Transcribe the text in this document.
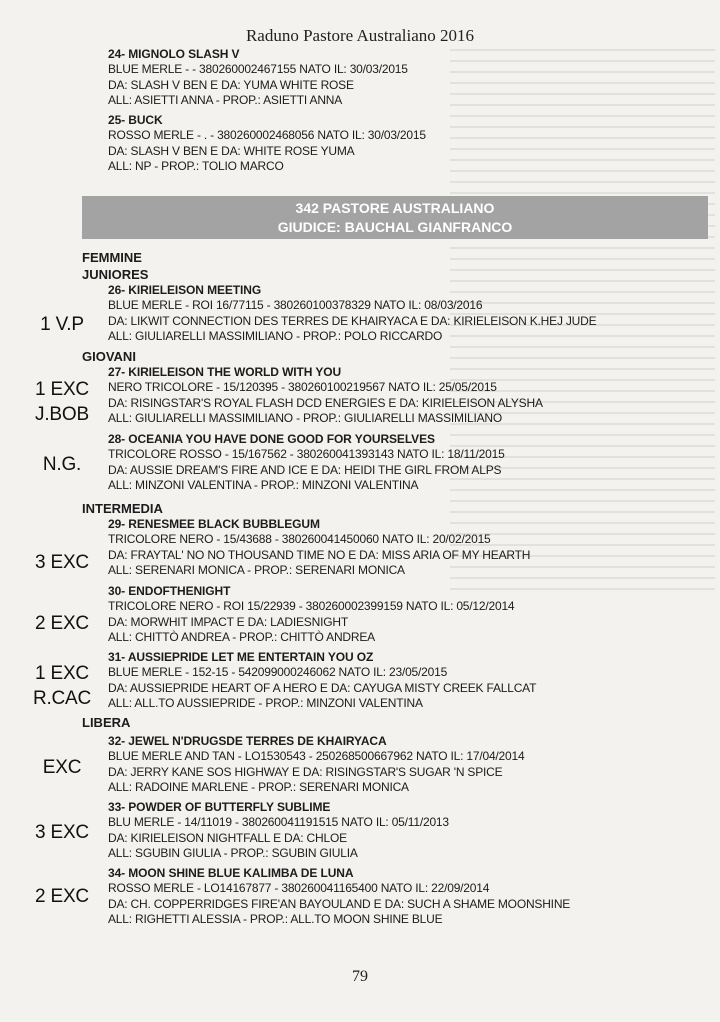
Raduno Pastore Australiano 2016
24- MIGNOLO SLASH V
BLUE MERLE - - 380260002467155 NATO IL: 30/03/2015
DA: SLASH V BEN E DA: YUMA WHITE ROSE
ALL: ASIETTI ANNA - PROP.: ASIETTI ANNA
25- BUCK
ROSSO MERLE - . - 380260002468056 NATO IL: 30/03/2015
DA: SLASH V BEN E DA: WHITE ROSE YUMA
ALL: NP - PROP.: TOLIO MARCO
342 PASTORE AUSTRALIANO
GIUDICE: BAUCHAL GIANFRANCO
FEMMINE
JUNIORES
26- KIRIELEISON MEETING
BLUE MERLE - ROI 16/77115 - 380260100378329 NATO IL: 08/03/2016
DA: LIKWIT CONNECTION DES TERRES DE KHAIRYACA E DA: KIRIELEISON K.HEJ JUDE
ALL: GIULIARELLI MASSIMILIANO - PROP.: POLO RICCARDO
1 V.P
GIOVANI
27- KIRIELEISON THE WORLD WITH YOU
NERO TRICOLORE - 15/120395 - 380260100219567 NATO IL: 25/05/2015
DA: RISINGSTAR'S ROYAL FLASH DCD ENERGIES E DA: KIRIELEISON ALYSHA
ALL: GIULIARELLI MASSIMILIANO - PROP.: GIULIARELLI MASSIMILIANO
1 EXC
J.BOB
28- OCEANIA YOU HAVE DONE GOOD FOR YOURSELVES
TRICOLORE ROSSO - 15/167562 - 380260041393143 NATO IL: 18/11/2015
DA: AUSSIE DREAM'S FIRE AND ICE E DA: HEIDI THE GIRL FROM ALPS
ALL: MINZONI VALENTINA - PROP.: MINZONI VALENTINA
N.G.
INTERMEDIA
29- RENESMEE BLACK BUBBLEGUM
TRICOLORE NERO - 15/43688 - 380260041450060 NATO IL: 20/02/2015
DA: FRAYTAL' NO NO THOUSAND TIME NO E DA: MISS ARIA OF MY HEARTH
ALL: SERENARI MONICA - PROP.: SERENARI MONICA
3 EXC
30- ENDOFTHENIGHT
TRICOLORE NERO - ROI 15/22939 - 380260002399159 NATO IL: 05/12/2014
DA: MORWHIT IMPACT E DA: LADIESNIGHT
ALL: CHITTÒ ANDREA - PROP.: CHITTÒ ANDREA
2 EXC
31- AUSSIEPRIDE LET ME ENTERTAIN YOU OZ
BLUE MERLE - 152-15 - 542099000246062 NATO IL: 23/05/2015
DA: AUSSIEPRIDE HEART OF A HERO E DA: CAYUGA MISTY CREEK FALLCAT
ALL: ALL.TO AUSSIEPRIDE - PROP.: MINZONI VALENTINA
1 EXC
R.CAC
LIBERA
32- JEWEL N'DRUGSDE TERRES DE KHAIRYACA
BLUE MERLE AND TAN - LO1530543 - 250268500667962 NATO IL: 17/04/2014
DA: JERRY KANE SOS HIGHWAY E DA: RISINGSTAR'S SUGAR 'N SPICE
ALL: RADOINE MARLENE - PROP.: SERENARI MONICA
EXC
33- POWDER OF BUTTERFLY SUBLIME
BLU MERLE - 14/11019 - 380260041191515 NATO IL: 05/11/2013
DA: KIRIELEISON NIGHTFALL E DA: CHLOE
ALL: SGUBIN GIULIA - PROP.: SGUBIN GIULIA
3 EXC
34- MOON SHINE BLUE KALIMBA DE LUNA
ROSSO MERLE - LO14167877 - 380260041165400 NATO IL: 22/09/2014
DA: CH. COPPERRIDGES FIRE'AN BAYOULAND E DA: SUCH A SHAME MOONSHINE
ALL: RIGHETTI ALESSIA - PROP.: ALL.TO MOON SHINE BLUE
2 EXC
79
